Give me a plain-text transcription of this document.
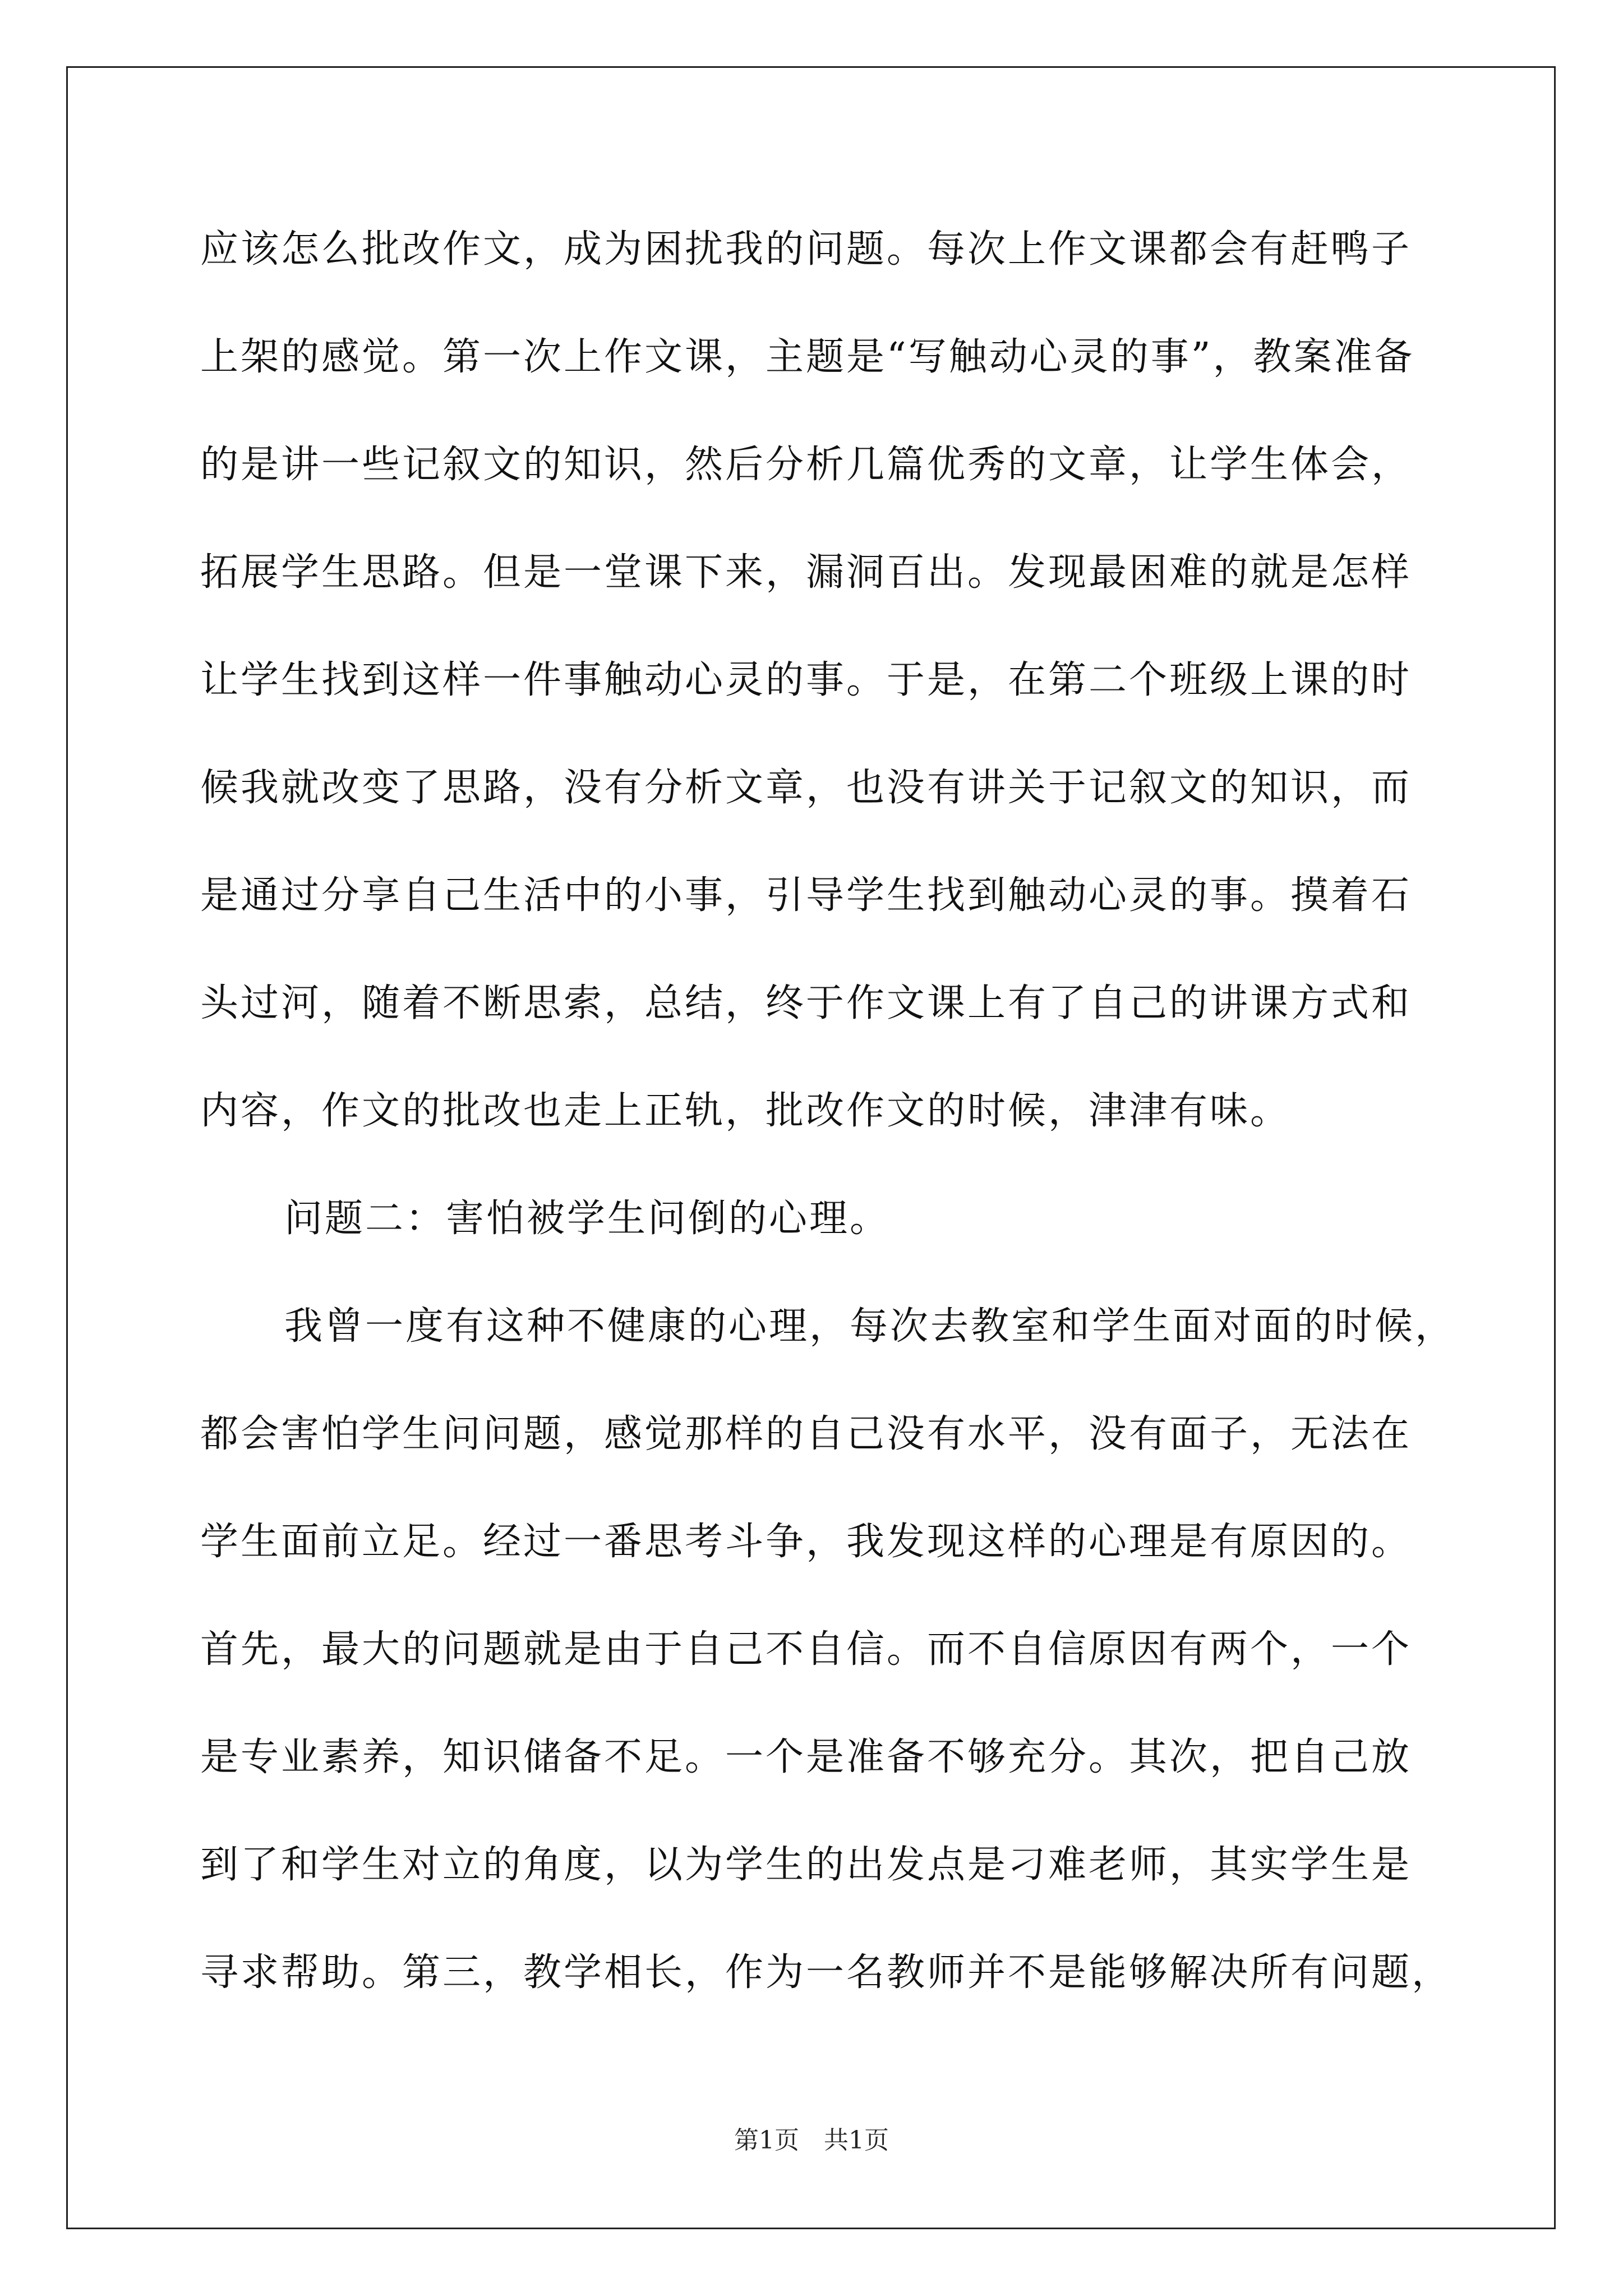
应该怎么批改作文，成为困扰我的问题。每次上作文课都会有赶鸭子
上架的感觉。第一次上作文课，主题是“写触动心灵的事”，教案准备
的是讲一些记叙文的知识，然后分析几篇优秀的文章，让学生体会，
拓展学生思路。但是一堂课下来，漏洞百出。发现最困难的就是怎样
让学生找到这样一件事触动心灵的事。于是，在第二个班级上课的时
候我就改变了思路，没有分析文章，也没有讲关于记叙文的知识，而
是通过分享自己生活中的小事，引导学生找到触动心灵的事。摸着石
头过河，随着不断思索，总结，终于作文课上有了自己的讲课方式和
内容，作文的批改也走上正轨，批改作文的时候，津津有味。
问题二：害怕被学生问倒的心理。
我曾一度有这种不健康的心理，每次去教室和学生面对面的时候，
都会害怕学生问问题，感觉那样的自己没有水平，没有面子，无法在
学生面前立足。经过一番思考斗争，我发现这样的心理是有原因的。
首先，最大的问题就是由于自己不自信。而不自信原因有两个，一个
是专业素养，知识储备不足。一个是准备不够充分。其次，把自己放
到了和学生对立的角度，以为学生的出发点是刁难老师，其实学生是
寻求帮助。第三，教学相长，作为一名教师并不是能够解决所有问题，
第1页　共1页
